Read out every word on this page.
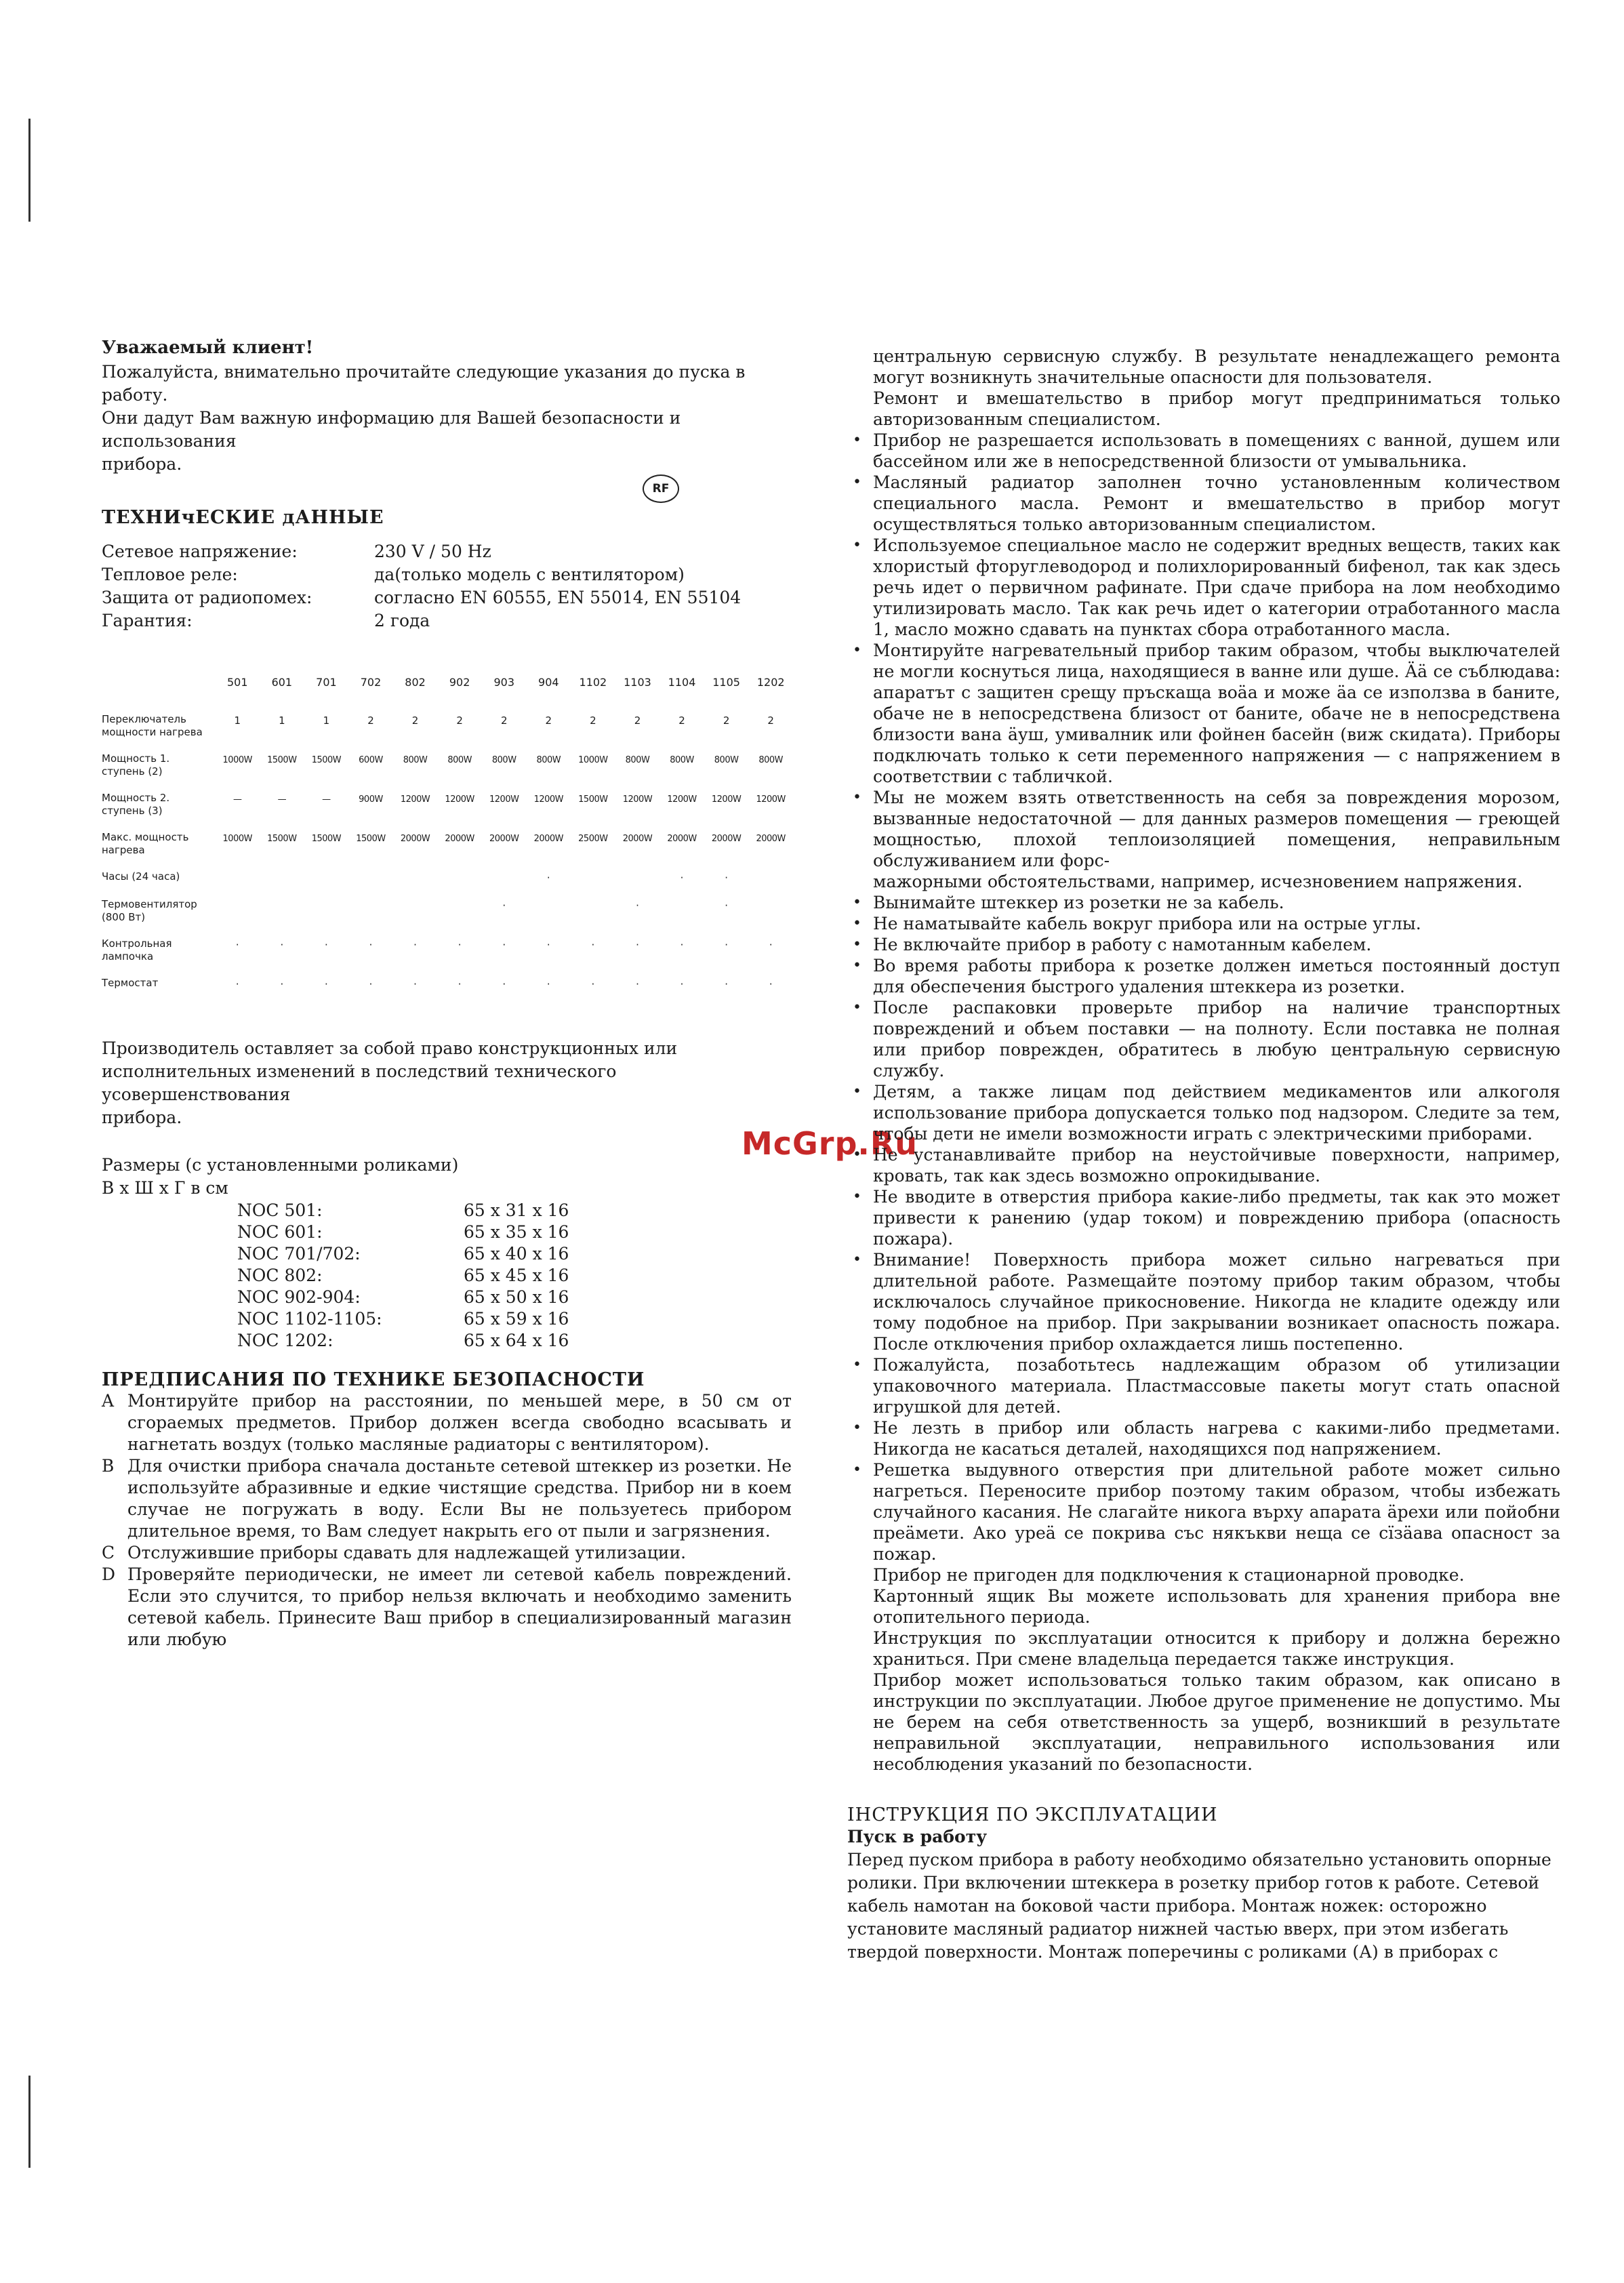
McGrp.Ru

Уважаемый клиент!

Пожалуйста, внимательно прочитайте следующие указания до пуска в работу.

Они дадут Вам важную информацию для Вашей безопасности и

использования

прибора.

ТЕХНИчЕСКИЕ дАННЫЕ

Сетевое напряжение:	230 V / 50 Hz
Тепловое реле:	да(только модель с вентилятором)
Защита от радиопомех:	согласно EN 60555, EN 55014, EN 55104
Гарантия:	2 года
	501	601	701	702	802	902	903	904	1102	1103	1104	1105	1202
Переключатель мощности нагрева	1	1	1	2	2	2	2	2	2	2	2	2	2
Мощность 1. ступень (2)	1000W	1500W	1500W	600W	800W	800W	800W	800W	1000W	800W	800W	800W	800W
Мощность 2. ступень (3)	—	—	—	900W	1200W	1200W	1200W	1200W	1500W	1200W	1200W	1200W	1200W
Макс. мощность нагрева	1000W	1500W	1500W	1500W	2000W	2000W	2000W	2000W	2500W	2000W	2000W	2000W	2000W
Часы (24 часа)								·			·	·	
Термовентилятор (800 Вт)							·			·		·	
Контрольная лампочка	·	·	·	·	·	·	·	·	·	·	·	·	·
Термостат	·	·	·	·	·	·	·	·	·	·	·	·	·

Производитель оставляет за собой право конструкционных или

исполнительных изменений в последствий технического усовершенствования

прибора.

Размеры (с установленными роликами)

В х Ш х Г в см

NOC 501:	65 x 31 x 16
NOC 601:	65 x 35 x 16
NOC 701/702:	65 x 40 x 16
NOC 802:	65 x 45 x 16
NOC 902-904:	65 x 50 x 16
NOC 1102-1105:	65 x 59 x 16
NOC 1202:	65 x 64 x 16

ПРЕДПИСАНИЯ ПО ТЕХНИКЕ БЕЗОПАСНОСТИ

A Монтируйте прибор на расстоянии, по меньшей мере, в 50 см от сгораемых предметов. Прибор должен всегда свободно всасывать и нагнетать воздух (только масляные радиаторы с вентилятором).
B Для очистки прибора сначала достаньте сетевой штеккер из розетки. Не используйте абразивные и едкие чистящие средства. Прибор ни в коем случае не погружать в воду. Если Вы не пользуетесь прибором длительное время, то Вам следует накрыть его от пыли и загрязнения.
C Отслужившие приборы сдавать для надлежащей утилизации.
D Проверяйте периодически, не имеет ли сетевой кабель повреждений. Если это случится, то прибор нельзя включать и необходимо заменить сетевой кабель. Принесите Ваш прибор в специализированный магазин или любую
RF
центральную сервисную службу. В результате ненадлежащего ремонта могут возникнуть значительные опасности для пользователя.
Ремонт и вмешательство в прибор могут предприниматься только авторизованным специалистом.
• Прибор не разрешается использовать в помещениях с ванной, душем или бассейном или же в непосредственной близости от умывальника.
• Масляный радиатор заполнен точно установленным количеством специального масла. Ремонт и вмешательство в прибор могут осуществляться только авторизованным специалистом.
• Используемое специальное масло не содержит вредных веществ, таких как хлористый фторуглеводород и полихлорированный бифенол, так как здесь речь идет о первичном рафинате. При сдаче прибора на лом необходимо утилизировать масло. Так как речь идет о категории отработанного масла 1, масло можно сдавать на пунктах сбора отработанного масла.
• Монтируйте нагревательный прибор таким образом, чтобы выключателей не могли коснуться лица, находящиеся в ванне или душе. Ää се съблюдава: апаратът с защитен срещу пръскаща воäа и може äа се използва в баните, обаче не в непосредствена близост от баните, обаче не в непосредствена близости вана äуш, умивалник или фойнен басейн (виж скидата). Приборы подключать только к сети переменного напряжения — с напряжением в соответствии с табличкой.
• Мы не можем взять ответственность на себя за повреждения морозом, вызванные недостаточной — для данных размеров помещения — греющей мощностью, плохой теплоизоляцией помещения, неправильным обслуживанием или форс-
мажорными обстоятельствами, например, исчезновением напряжения.
• Вынимайте штеккер из розетки не за кабель.
• Не наматывайте кабель вокруг прибора или на острые углы.
• Не включайте прибор в работу с намотанным кабелем.
• Во время работы прибора к розетке должен иметься постоянный доступ для обеспечения быстрого удаления штеккера из розетки.
• После распаковки проверьте прибор на наличие транспортных повреждений и объем поставки — на полноту. Если поставка не полная или прибор поврежден, обратитесь в любую центральную сервисную службу.
• Детям, а также лицам под действием медикаментов или алкоголя использование прибора допускается только под надзором. Следите за тем, чтобы дети не имели возможности играть с электрическими приборами.
• Не устанавливайте прибор на неустойчивые поверхности, например, кровать, так как здесь возможно опрокидывание.
• Не вводите в отверстия прибора какие-либо предметы, так как это может привести к ранению (удар током) и повреждению прибора (опасность пожара).
• Внимание! Поверхность прибора может сильно нагреваться при длительной работе. Размещайте поэтому прибор таким образом, чтобы исключалось случайное прикосновение. Никогда не кладите одежду или тому подобное на прибор. При закрывании возникает опасность пожара. После отключения прибор охлаждается лишь постепенно.
• Пожалуйста, позаботьтесь надлежащим образом об утилизации упаковочного материала. Пластмассовые пакеты могут стать опасной игрушкой для детей.
• Не лезть в прибор или область нагрева с какими-либо предметами. Никогда не касаться деталей, находящихся под напряжением.
• Решетка выдувного отверстия при длительной работе может сильно нагреться. Переносите прибор поэтому таким образом, чтобы избежать случайного касания. Не слагайте никога върху апарата äрехи или пойобни преäмети. Ако уреä се покрива със някъкви неща се сïзäава опасност за пожар.
Прибор не пригоден для подключения к стационарной проводке.
Картонный ящик Вы можете использовать для хранения прибора вне отопительного периода.
Инструкция по эксплуатации относится к прибору и должна бережно храниться. При смене владельца передается также инструкция.
Прибор может использоваться только таким образом, как описано в инструкции по эксплуатации. Любое другое применение не допустимо. Мы не берем на себя ответственность за ущерб, возникший в результате неправильной эксплуатации, неправильного использования или несоблюдения указаний по безопасности.

ІНСТРУКЦИЯ ПО ЭКСПЛУАТАЦИИ

Пуск в работу

Перед пуском прибора в работу необходимо обязательно установить опорные

ролики. При включении штеккера в розетку прибор готов к работе. Сетевой

кабель намотан на боковой части прибора. Монтаж ножек: осторожно

установите масляный радиатор нижней частью вверх, при этом избегать

твердой поверхности. Монтаж поперечины с роликами (А) в приборах с
